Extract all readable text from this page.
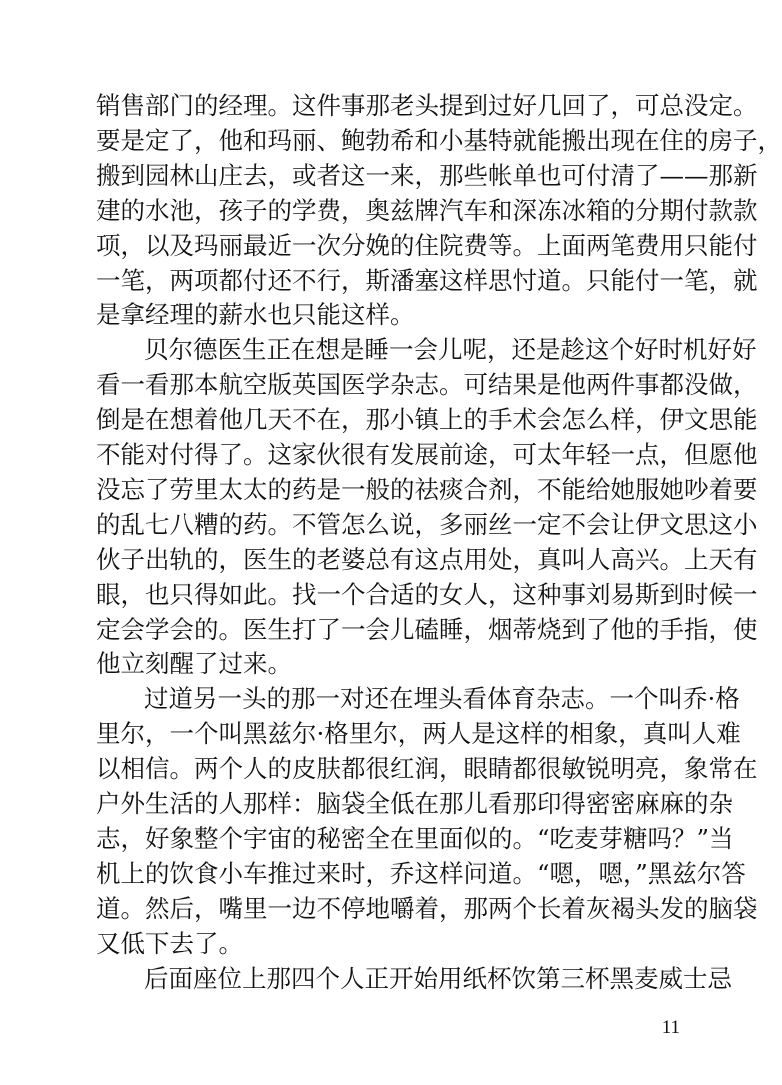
销售部门的经理。这件事那老头提到过好几回了，可总没定。
要是定了，他和玛丽、鲍勃希和小基特就能搬出现在住的房子，
搬到园林山庄去，或者这一来，那些帐单也可付清了——那新
建的水池，孩子的学费，奥兹牌汽车和深冻冰箱的分期付款款
项，以及玛丽最近一次分娩的住院费等。上面两笔费用只能付
一笔，两项都付还不行，斯潘塞这样思忖道。只能付一笔，就
是拿经理的薪水也只能这样。
贝尔德医生正在想是睡一会儿呢，还是趁这个好时机好好
看一看那本航空版英国医学杂志。可结果是他两件事都没做，
倒是在想着他几天不在，那小镇上的手术会怎么样，伊文思能
不能对付得了。这家伙很有发展前途，可太年轻一点，但愿他
没忘了劳里太太的药是一般的祛痰合剂，不能给她服她吵着要
的乱七八糟的药。不管怎么说，多丽丝一定不会让伊文思这小
伙子出轨的，医生的老婆总有这点用处，真叫人高兴。上天有
眼，也只得如此。找一个合适的女人，这种事刘易斯到时候一
定会学会的。医生打了一会儿磕睡，烟蒂烧到了他的手指，使
他立刻醒了过来。
过道另一头的那一对还在埋头看体育杂志。一个叫乔·格
里尔，一个叫黑兹尔·格里尔，两人是这样的相象，真叫人难
以相信。两个人的皮肤都很红润，眼睛都很敏锐明亮，象常在
户外生活的人那样：脑袋全低在那儿看那印得密密麻麻的杂
志，好象整个宇宙的秘密全在里面似的。“吃麦芽糖吗？”当
机上的饮食小车推过来时，乔这样问道。“嗯，嗯，”黑兹尔答
道。然后，嘴里一边不停地嚼着，那两个长着灰褐头发的脑袋
又低下去了。
后面座位上那四个人正开始用纸杯饮第三杯黑麦威士忌
11
